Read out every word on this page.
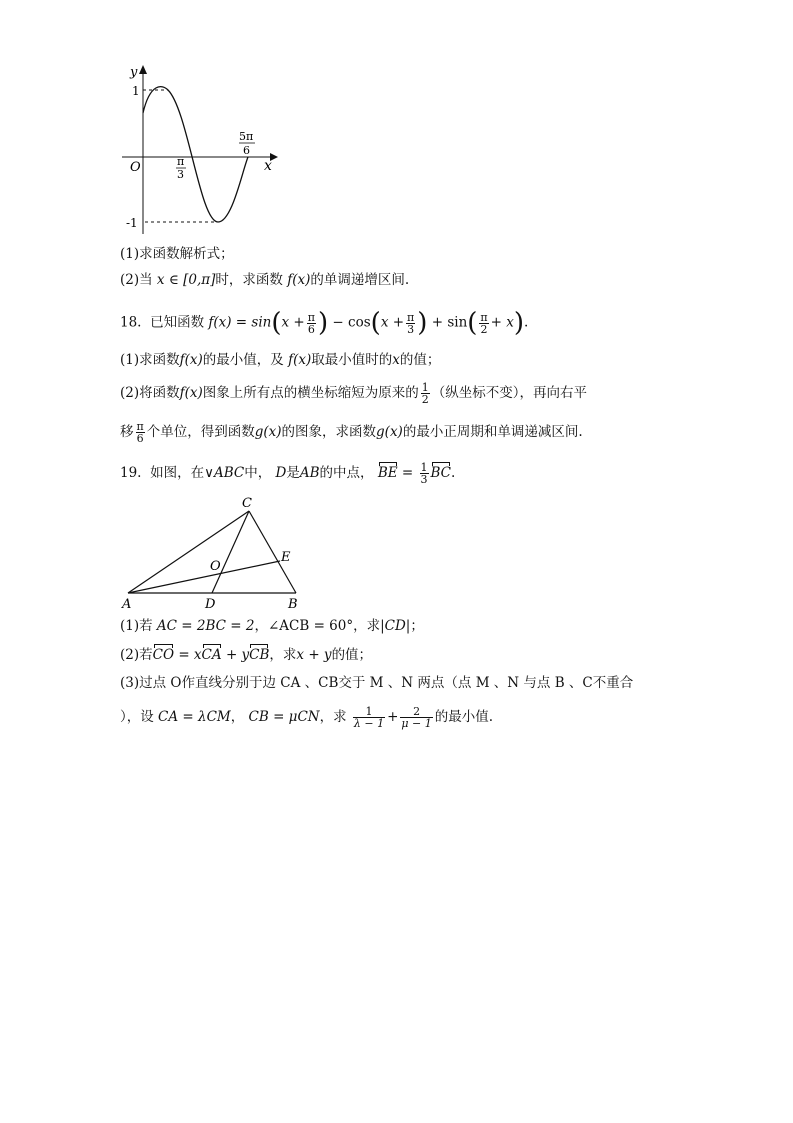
y
x
O
1
-1
π
3
5π
6
(1)求函数解析式；
(2)当 x ∈ [0,π]时，求函数 f(x)的单调递增区间.
18. 已知函数 $f(x) = \sin(x + \frac{\pi}{6}$ ) − $\cos(x + \frac{\pi}{3}$ ) + $\sin( \frac{\pi}{2} + x)$.
(1)求函数f(x)的最小值，及 f(x)取最小值时的x的值；
(2)将函数f(x)图象上所有点的横坐标缩短为原来的 $\frac{1}{2}$ （纵坐标不变），再向右平
移 $\frac{\pi}{6}$ 个单位，得到函数g(x)的图象，求函数g(x)的最小正周期和单调递减区间.
19. 如图，在∨ABC中， D是AB的中点， BE = $\frac{1}{3}$ BC.
A	B
C
D
E
O
(1)若 AC = 2BC = 2，∠ACB = 60°，求|CD|；
(2)若CO = xCA + yCB，求x + y的值；
(3)过点 O作直线分别于边 CA 、CB交于 M 、N 两点（点 M 、N 与点 B 、C不重合
），设 CA = λCM， CB = μCN，求 $\frac{1}{\lambda - 1} + \frac{2}{\mu - 1}$ 的最小值.
